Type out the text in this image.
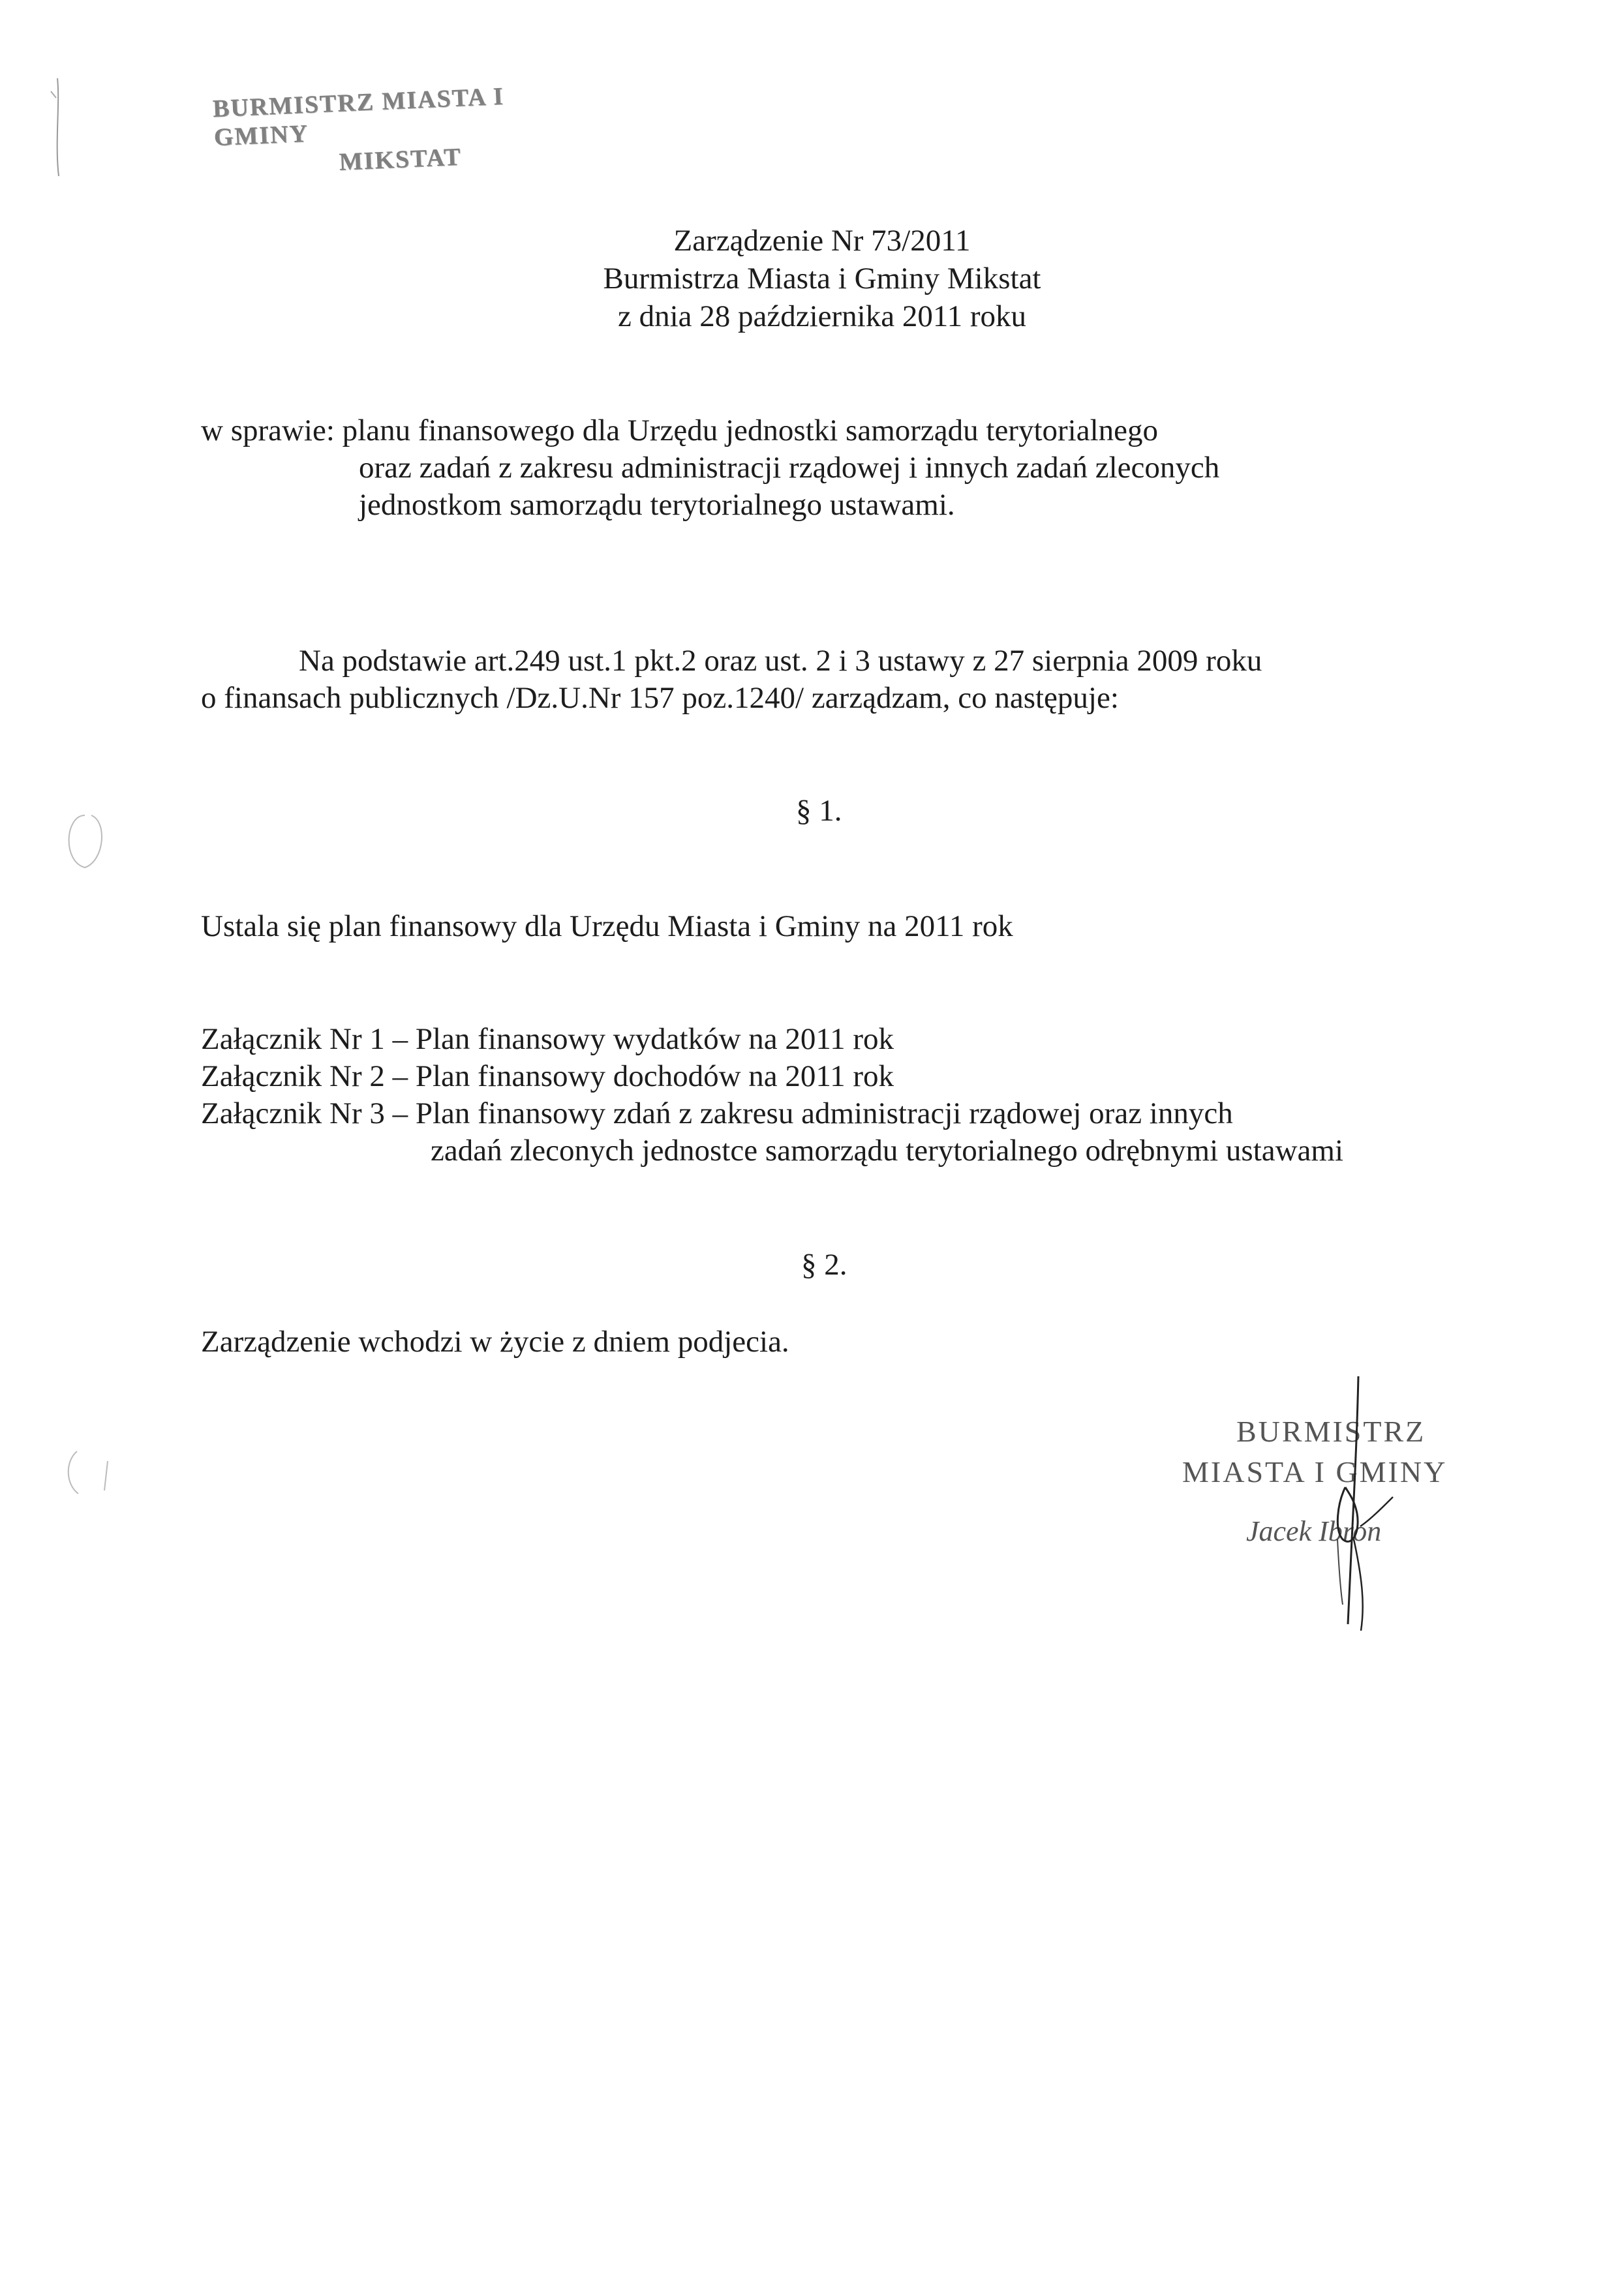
BURMISTRZ MIASTA I GMINY
MIKSTAT
Zarządzenie Nr 73/2011
Burmistrza Miasta i Gminy Mikstat
z dnia 28 października 2011 roku
w sprawie: planu finansowego dla Urzędu jednostki samorządu terytorialnego
oraz zadań z zakresu administracji rządowej i innych zadań zleconych
jednostkom samorządu terytorialnego ustawami.
Na podstawie art.249 ust.1 pkt.2 oraz ust. 2 i 3 ustawy z 27 sierpnia 2009 roku
o finansach publicznych /Dz.U.Nr 157 poz.1240/ zarządzam, co następuje:
§ 1.
Ustala się plan finansowy dla Urzędu Miasta i Gminy na 2011 rok
Załącznik Nr 1 – Plan finansowy wydatków na 2011 rok
Załącznik Nr 2 – Plan finansowy dochodów na 2011 rok
Załącznik Nr 3 – Plan finansowy zdań z zakresu administracji rządowej oraz innych
zadań zleconych jednostce samorządu terytorialnego odrębnymi ustawami
§ 2.
Zarządzenie wchodzi w życie z dniem podjecia.
BURMISTRZ
MIASTA I GMINY
Jacek Ibron
